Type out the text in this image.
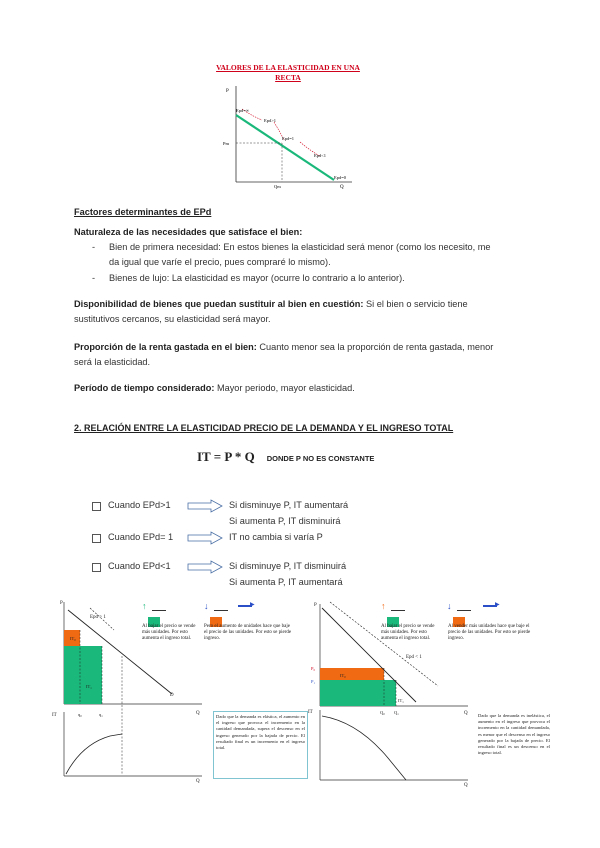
VALORES DE LA ELASTICIDAD EN UNA
RECTA
P
Q
Pm
Qm
Epd=∞
Epd>1
Epd=1
Epd<1
Epd=0
Factores determinantes de EPd
Naturaleza de las necesidades que satisface el bien:
- Bien de primera necesidad: En estos bienes la elasticidad será menor (como los necesito, me
da igual que varíe el precio, pues compraré lo mismo).
-	Bienes de lujo: La elasticidad es mayor (ocurre lo contrario a lo anterior).
Disponibilidad de bienes que puedan sustituir al bien en cuestión: Si el bien o servicio tiene
sustitutivos cercanos, su elasticidad será mayor.
Proporción de la renta gastada en el bien: Cuanto menor sea la proporción de renta gastada, menor
será la elasticidad.
Período de tiempo considerado: Mayor periodo, mayor elasticidad.
2. RELACIÓN ENTRE LA ELASTICIDAD PRECIO DE LA DEMANDA Y EL INGRESO TOTAL
IT = P * Q DONDE P NO ES CONSTANTE
Cuando EPd>1	Si disminuye P, IT aumentará
Si aumenta P, IT disminuirá
Cuando EPd= 1	IT no cambia si varía P
Cuando EPd<1	Si disminuye P, IT disminuirá
Si aumenta P, IT aumentará
IT₀
IT₁
Epd > 1
P
D
q₀	q₁	Q
IT
Q
↑	↓	▶
Al bajar el precio se vende más unidades. Por esto aumenta el ingreso total.
Pero el aumento de unidades hace que baje el precio de las unidades. Por esto se pierde ingreso.
Dado que la demanda es elástica, el aumento en el ingreso que provoca el incremento en la cantidad demandada, supera el descenso en el ingreso generado por la bajada de precio. El resultado final es un incremento en el ingreso total.
IT₀
IT₁
Epd < 1
P
P₀
P₁
Q₀ Q₁	Q
IT
Q
↑	↓	▶
Al bajar el precio se vende más unidades. Por esto aumenta el ingreso total.
Al vender más unidades hace que baje el precio de las unidades. Por esto se pierde ingreso.
Dado que la demanda es inelástica, el aumento en el ingreso que provoca el incremento en la cantidad demandada, es menor que el descenso en el ingreso generado por la bajada de precio. El resultado final es un descenso en el ingreso total.
